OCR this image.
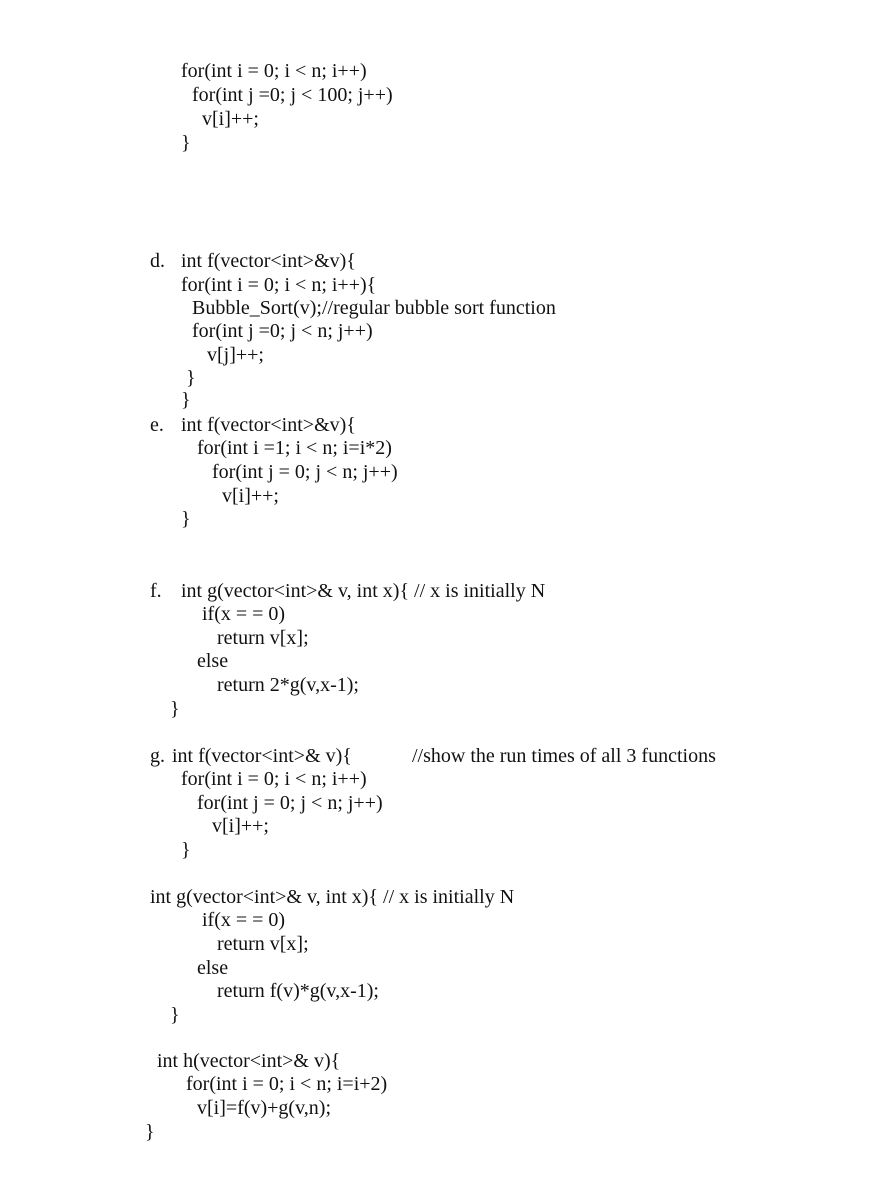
for(int i = 0; i < n; i++)
for(int j =0; j < 100; j++)
v[i]++;
}
d. int f(vector<int>&v){
for(int i = 0; i < n; i++){
Bubble_Sort(v);//regular bubble sort function
for(int j =0; j < n; j++)
v[j]++;
}
}
e. int f(vector<int>&v){
for(int i =1; i < n; i=i*2)
for(int j = 0; j < n; j++)
v[i]++;
}
f. int g(vector<int>& v, int x){ // x is initially N
if(x = = 0)
return v[x];
else
return 2*g(v,x-1);
}
g. int f(vector<int>& v){	//show the run times of all 3 functions
for(int i = 0; i < n; i++)
for(int j = 0; j < n; j++)
v[i]++;
}
int g(vector<int>& v, int x){ // x is initially N
if(x = = 0)
return v[x];
else
return f(v)*g(v,x-1);
}
int h(vector<int>& v){
for(int i = 0; i < n; i=i+2)
v[i]=f(v)+g(v,n);
}
